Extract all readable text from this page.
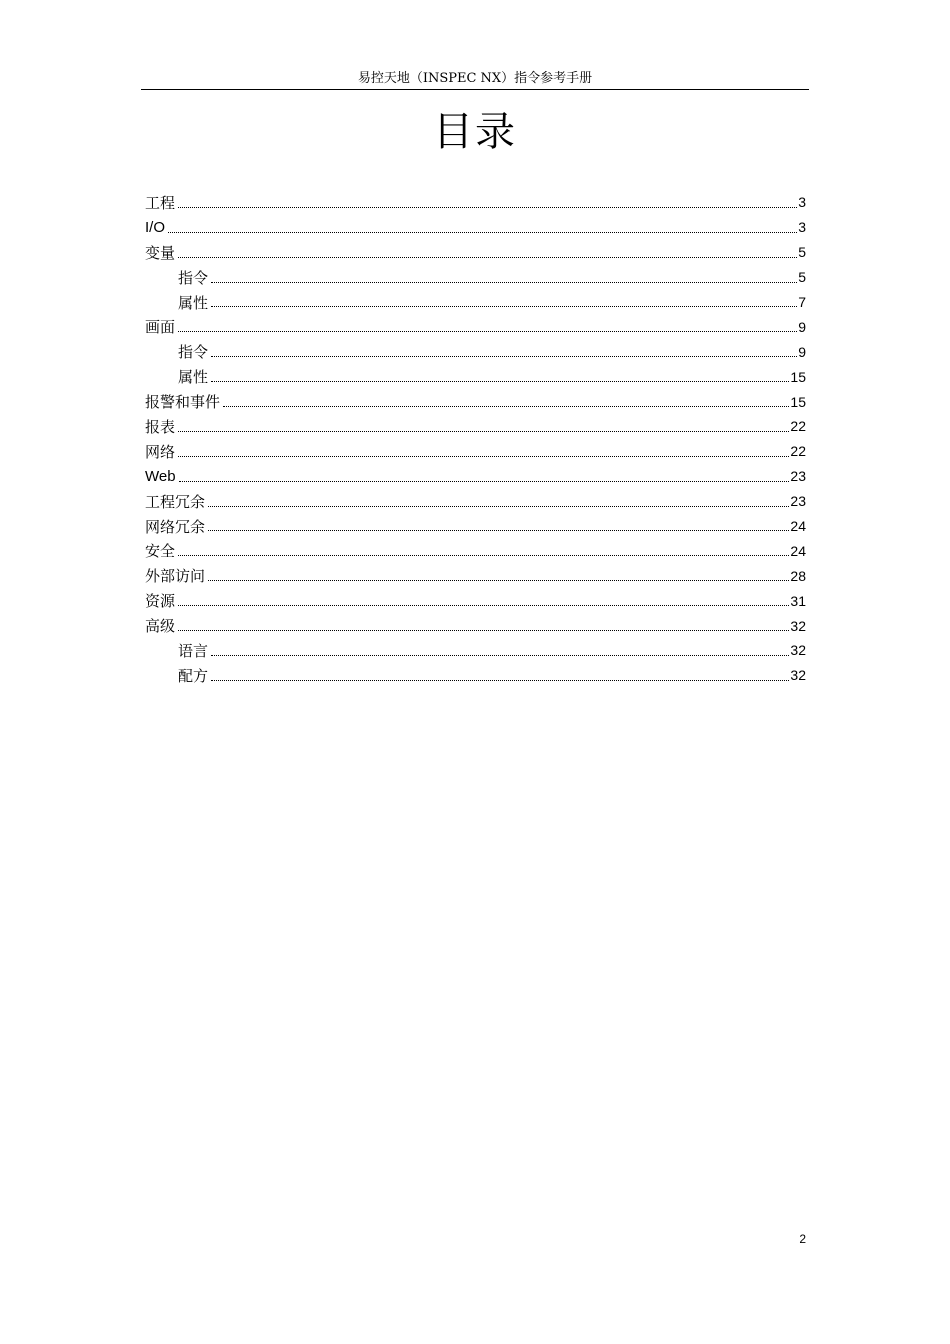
易控天地（INSPEC NX）指令参考手册
目录
工程	3
I/O	3
变量	5
指令	5
属性	7
画面	9
指令	9
属性	15
报警和事件	15
报表	22
网络	22
Web	23
工程冗余	23
网络冗余	24
安全	24
外部访问	28
资源	31
高级	32
语言	32
配方	32
2
